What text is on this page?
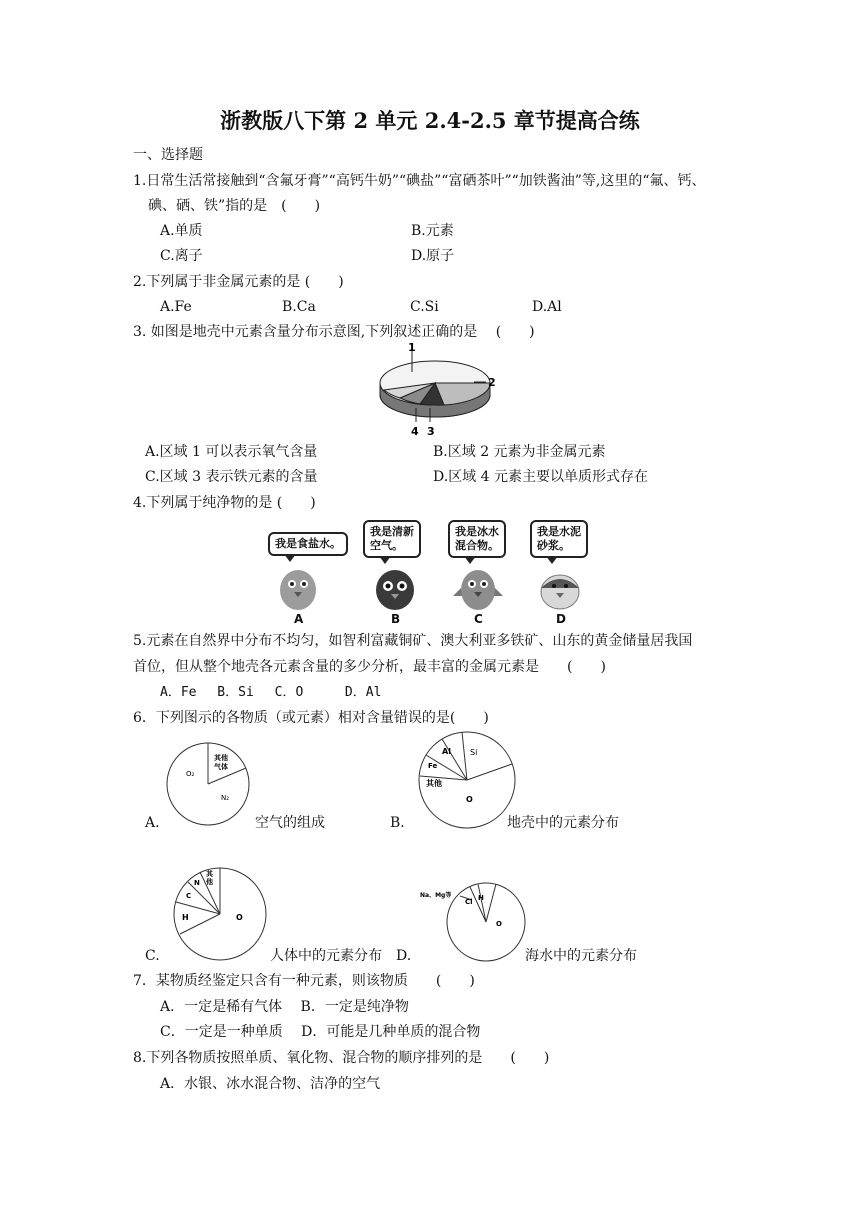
浙教版八下第 2 单元 2.4-2.5 章节提高合练
一、选择题
1.日常生活常接触到“含氟牙膏”“高钙牛奶”“碘盐”“富硒茶叶”“加铁酱油”等,这里的“氟、钙、
碘、硒、铁”指的是　(　　)
A.单质	B.元素
C.离子	D.原子
2.下列属于非金属元素的是 (　　)
A.Fe	B.Ca	C.Si	D.Al
3. 如图是地壳中元素含量分布示意图,下列叙述正确的是　 (　　)
1
2
4 3
A.区域 1 可以表示氧气含量	B.区域 2 元素为非金属元素
C.区域 3 表示铁元素的含量	D.区域 4 元素主要以单质形式存在
4.下列属于纯净物的是 (　　)
我是食盐水。
我是清新
空气。
我是冰水
混合物。
我是水泥
砂浆。
A	B	C	D
5.元素在自然界中分布不均匀，如智利富藏铜矿、澳大利亚多铁矿、山东的黄金储量居我国
首位，但从整个地壳各元素含量的多少分析，最丰富的金属元素是　　(　　)
A．Fe　 B．Si　 C．O　 　 D．Al
6．下列图示的各物质（或元素）相对含量错误的是(　　)
O₂
其他
气体
N₂
A.	空气的组成
Al Si
Fe
其他
O
B.	地壳中的元素分布
其
他
N
C
H	O
C.	人体中的元素分布 D.
Na、Mg等
Cl H
O
海水中的元素分布
7．某物质经鉴定只含有一种元素，则该物质　　(　　)
A．一定是稀有气体　 B．一定是纯净物
C．一定是一种单质　 D．可能是几种单质的混合物
8.下列各物质按照单质、氧化物、混合物的顺序排列的是　　(　　)
A．水银、冰水混合物、洁净的空气
